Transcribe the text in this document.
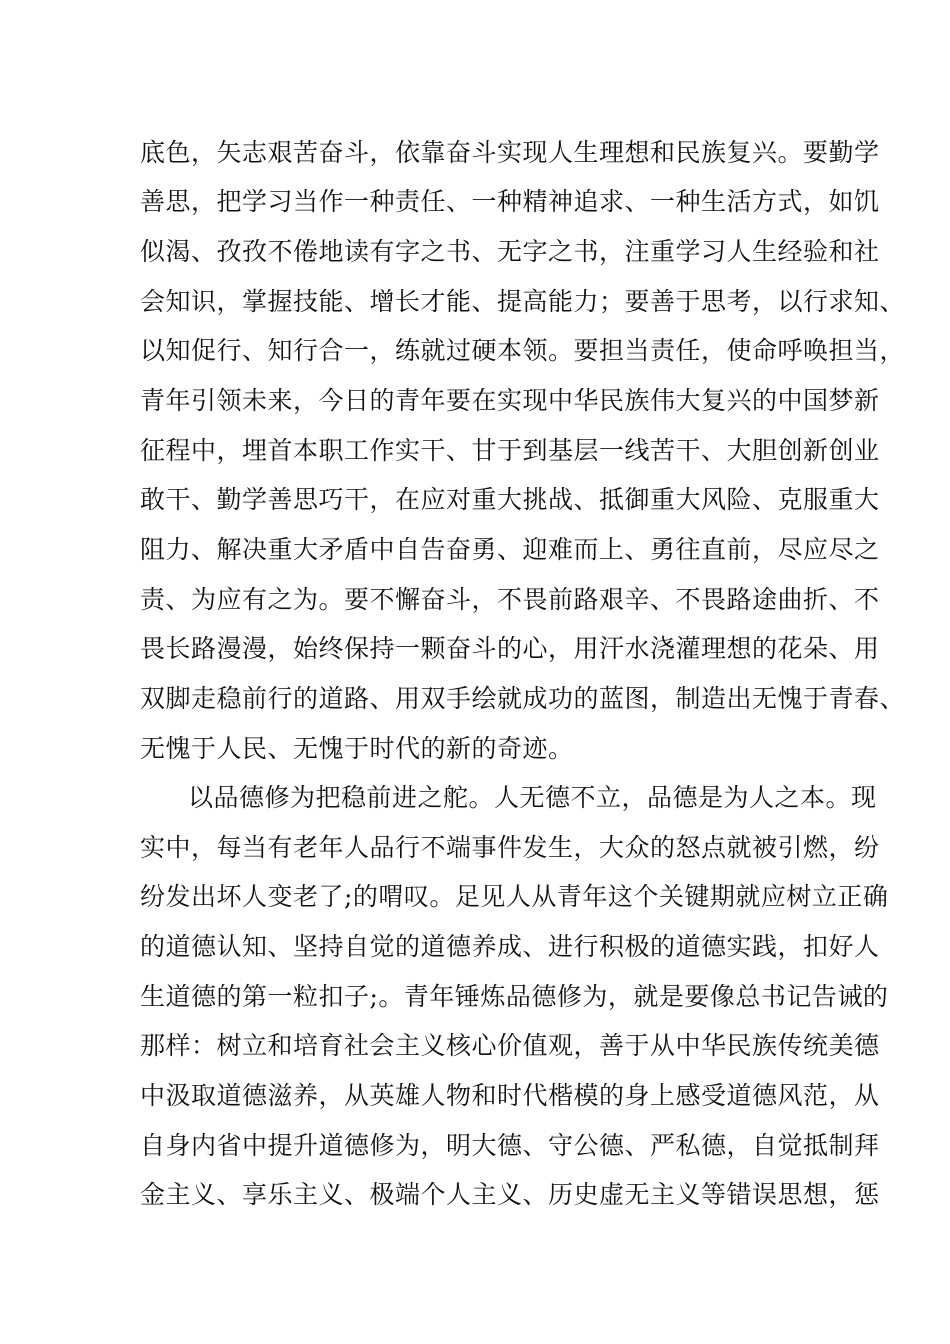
底色，矢志艰苦奋斗，依靠奋斗实现人生理想和民族复兴。要勤学
善思，把学习当作一种责任、一种精神追求、一种生活方式，如饥
似渴、孜孜不倦地读有字之书、无字之书，注重学习人生经验和社
会知识，掌握技能、增长才能、提高能力；要善于思考，以行求知、
以知促行、知行合一，练就过硬本领。要担当责任，使命呼唤担当，
青年引领未来，今日的青年要在实现中华民族伟大复兴的中国梦新
征程中，埋首本职工作实干、甘于到基层一线苦干、大胆创新创业
敢干、勤学善思巧干，在应对重大挑战、抵御重大风险、克服重大
阻力、解决重大矛盾中自告奋勇、迎难而上、勇往直前，尽应尽之
责、为应有之为。要不懈奋斗，不畏前路艰辛、不畏路途曲折、不
畏长路漫漫，始终保持一颗奋斗的心，用汗水浇灌理想的花朵、用
双脚走稳前行的道路、用双手绘就成功的蓝图，制造出无愧于青春、
无愧于人民、无愧于时代的新的奇迹。
以品德修为把稳前进之舵。人无德不立，品德是为人之本。现
实中，每当有老年人品行不端事件发生，大众的怒点就被引燃，纷
纷发出坏人变老了;的喟叹。足见人从青年这个关键期就应树立正确
的道德认知、坚持自觉的道德养成、进行积极的道德实践，扣好人
生道德的第一粒扣子;。青年锤炼品德修为，就是要像总书记告诫的
那样：树立和培育社会主义核心价值观，善于从中华民族传统美德
中汲取道德滋养，从英雄人物和时代楷模的身上感受道德风范，从
自身内省中提升道德修为，明大德、守公德、严私德，自觉抵制拜
金主义、享乐主义、极端个人主义、历史虚无主义等错误思想，惩
